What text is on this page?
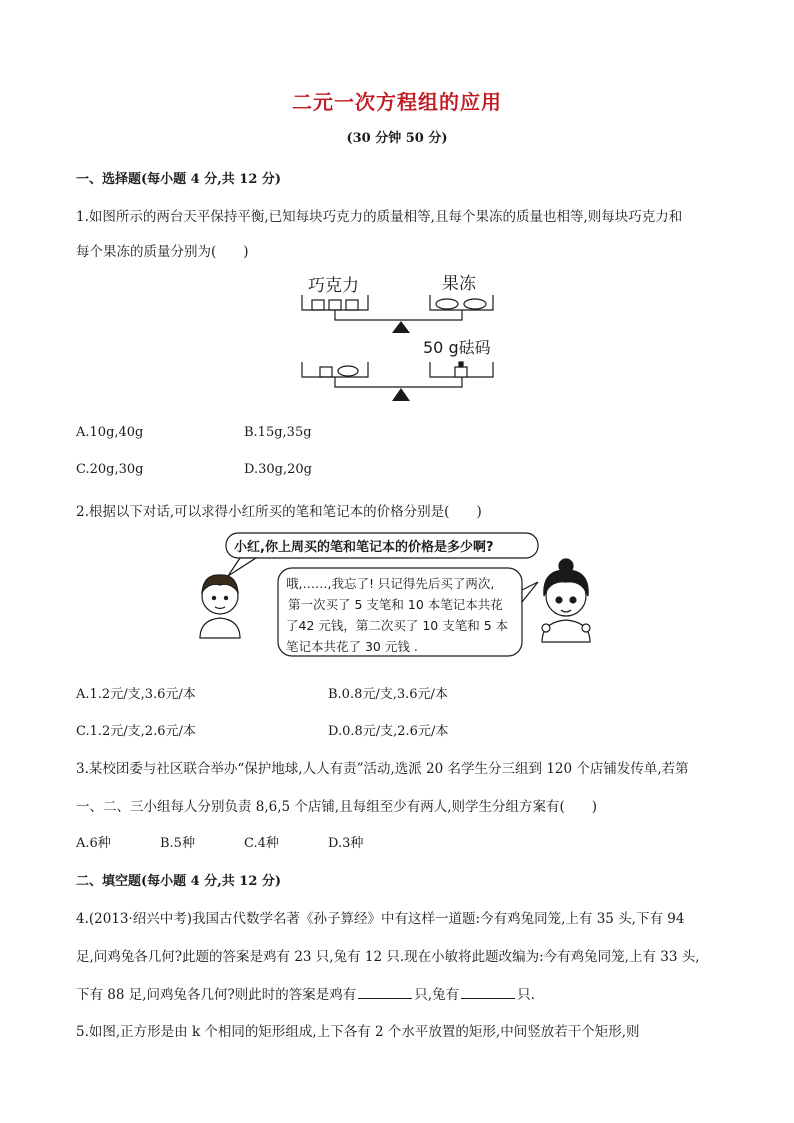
二元一次方程组的应用
(30 分钟 50 分)
一、选择题(每小题 4 分,共 12 分)
1.如图所示的两台天平保持平衡,已知每块巧克力的质量相等,且每个果冻的质量也相等,则每块巧克力和
每个果冻的质量分别为(　　)
巧克力	果冻
50 g砝码
A.10g,40g	B.15g,35g
C.20g,30g	D.30g,20g
2.根据以下对话,可以求得小红所买的笔和笔记本的价格分别是(　　)
小红,你上周买的笔和笔记本的价格是多少啊?
哦,……,我忘了! 只记得先后买了两次,
第一次买了 5 支笔和 10 本笔记本共花
了42 元钱，第二次买了 10 支笔和 5 本
笔记本共花了 30 元钱 .
A.1.2元/支,3.6元/本	B.0.8元/支,3.6元/本
C.1.2元/支,2.6元/本	D.0.8元/支,2.6元/本
3.某校团委与社区联合举办“保护地球,人人有责”活动,选派 20 名学生分三组到 120 个店铺发传单,若第
一、二、三小组每人分别负责 8,6,5 个店铺,且每组至少有两人,则学生分组方案有(　　)
A.6种	B.5种	C.4种	D.3种
二、填空题(每小题 4 分,共 12 分)
4.(2013·绍兴中考)我国古代数学名著《孙子算经》中有这样一道题:今有鸡兔同笼,上有 35 头,下有 94
足,问鸡兔各几何?此题的答案是鸡有 23 只,兔有 12 只.现在小敏将此题改编为:今有鸡兔同笼,上有 33 头,
下有 88 足,问鸡兔各几何?则此时的答案是鸡有	只,兔有	只.
5.如图,正方形是由 k 个相同的矩形组成,上下各有 2 个水平放置的矩形,中间竖放若干个矩形,则
